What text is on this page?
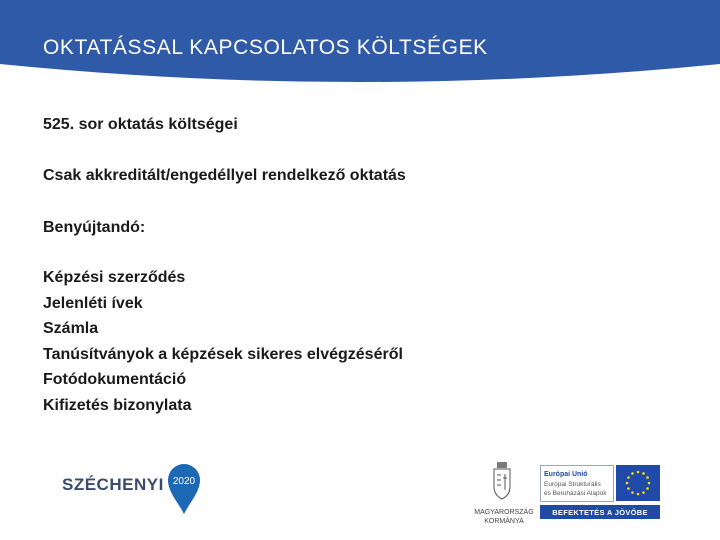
OKTATÁSSAL KAPCSOLATOS KÖLTSÉGEK
525. sor oktatás költségei
Csak akkreditált/engedéllyel rendelkező oktatás
Benyújtandó:
Képzési szerződés
Jelenléti ívek
Számla
Tanúsítványok a képzések sikeres elvégzéséről
Fotódokumentáció
Kifizetés bizonylata
SZÉCHENYI 2020
MAGYARORSZÁG
KORMÁNYA
Európai Unió
Európai Strukturális
és Beruházási Alapok
BEFEKTETÉS A JÖVŐBE
